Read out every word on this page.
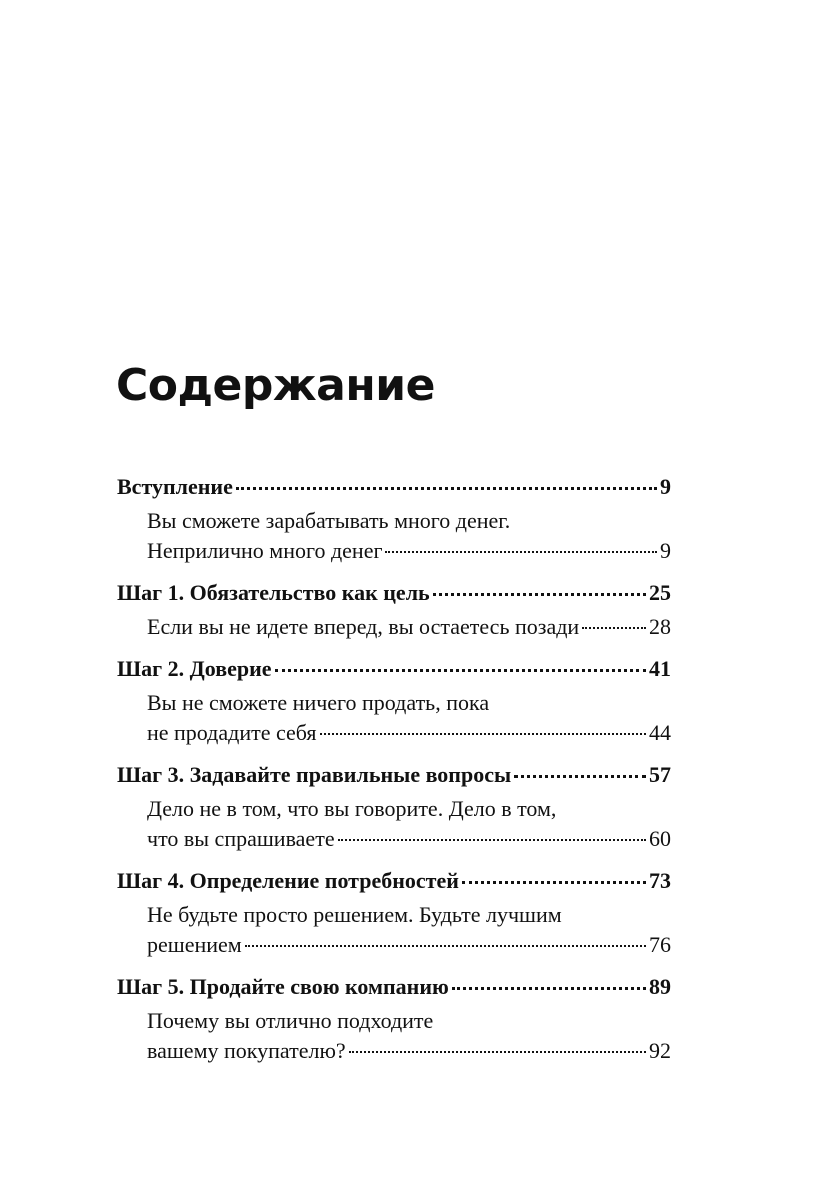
Содержание
Вступление	9
Вы сможете зарабатывать много денег.
Неприлично много денег	9
Шаг 1. Обязательство как цель	25
Если вы не идете вперед, вы остаетесь позади	28
Шаг 2. Доверие	41
Вы не сможете ничего продать, пока
не продадите себя	44
Шаг 3. Задавайте правильные вопросы	57
Дело не в том, что вы говорите. Дело в том,
что вы спрашиваете	60
Шаг 4. Определение потребностей	73
Не будьте просто решением. Будьте лучшим
решением	76
Шаг 5. Продайте свою компанию	89
Почему вы отлично подходите
вашему покупателю?	92
